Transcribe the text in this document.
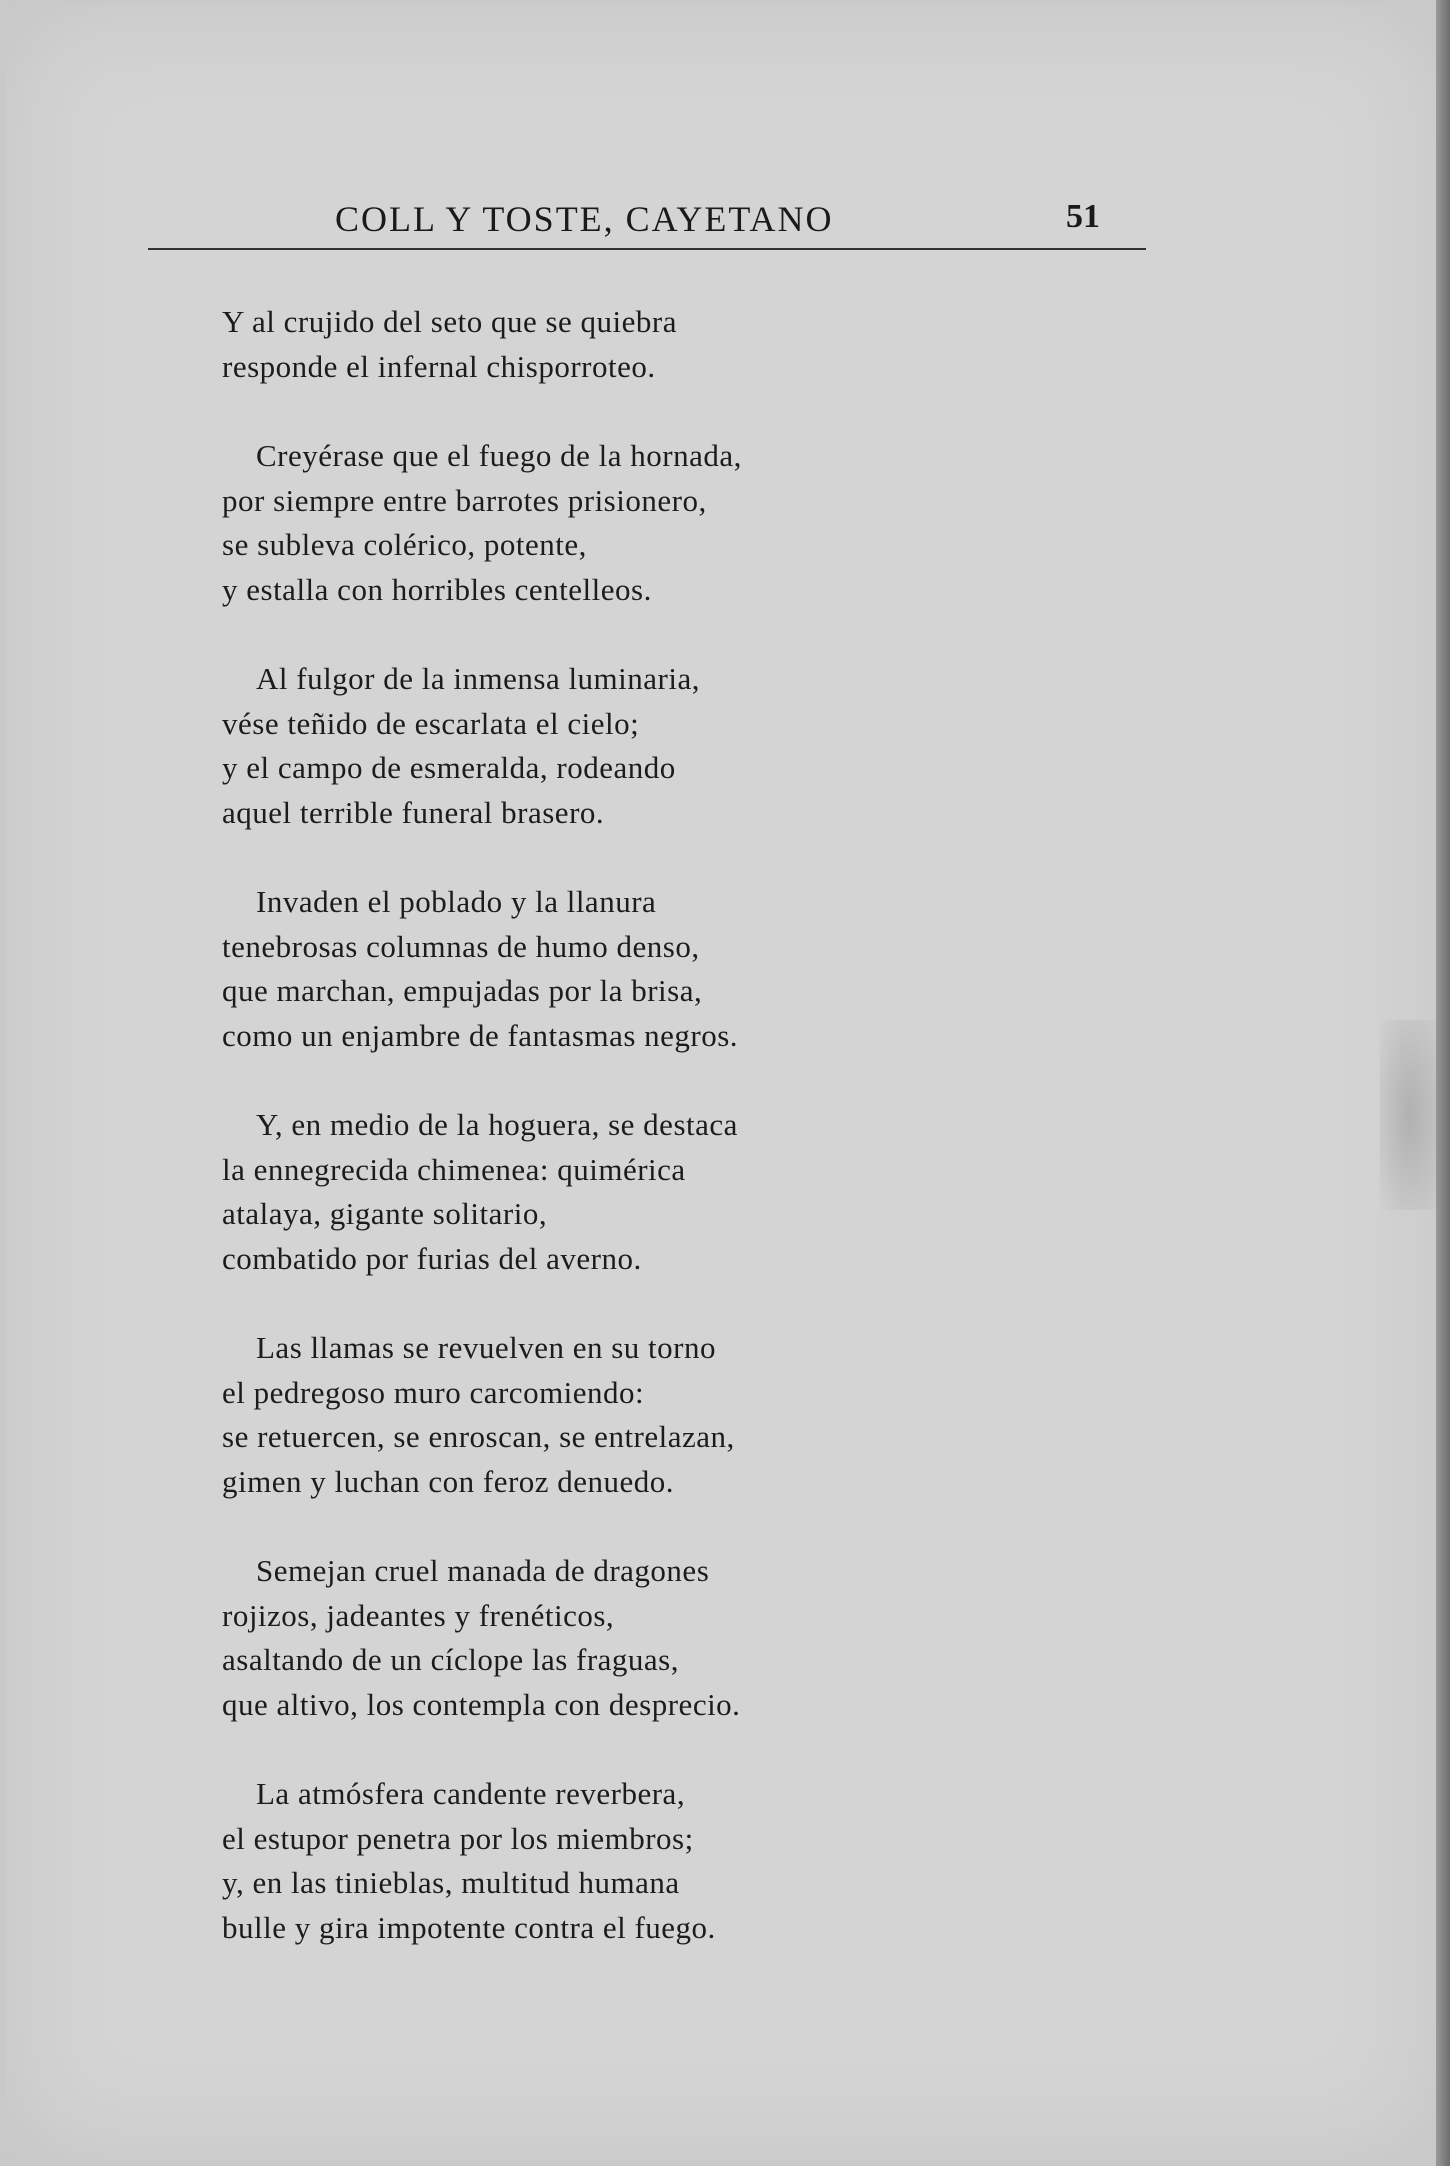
COLL Y TOSTE, CAYETANO	51
Y al crujido del seto que se quiebra
responde el infernal chisporroteo.
Creyérase que el fuego de la hornada,
por siempre entre barrotes prisionero,
se subleva colérico, potente,
y estalla con horribles centelleos.
Al fulgor de la inmensa luminaria,
vése teñido de escarlata el cielo;
y el campo de esmeralda, rodeando
aquel terrible funeral brasero.
Invaden el poblado y la llanura
tenebrosas columnas de humo denso,
que marchan, empujadas por la brisa,
como un enjambre de fantasmas negros.
Y, en medio de la hoguera, se destaca
la ennegrecida chimenea: quimérica
atalaya, gigante solitario,
combatido por furias del averno.
Las llamas se revuelven en su torno
el pedregoso muro carcomiendo:
se retuercen, se enroscan, se entrelazan,
gimen y luchan con feroz denuedo.
Semejan cruel manada de dragones
rojizos, jadeantes y frenéticos,
asaltando de un cíclope las fraguas,
que altivo, los contempla con desprecio.
La atmósfera candente reverbera,
el estupor penetra por los miembros;
y, en las tinieblas, multitud humana
bulle y gira impotente contra el fuego.
